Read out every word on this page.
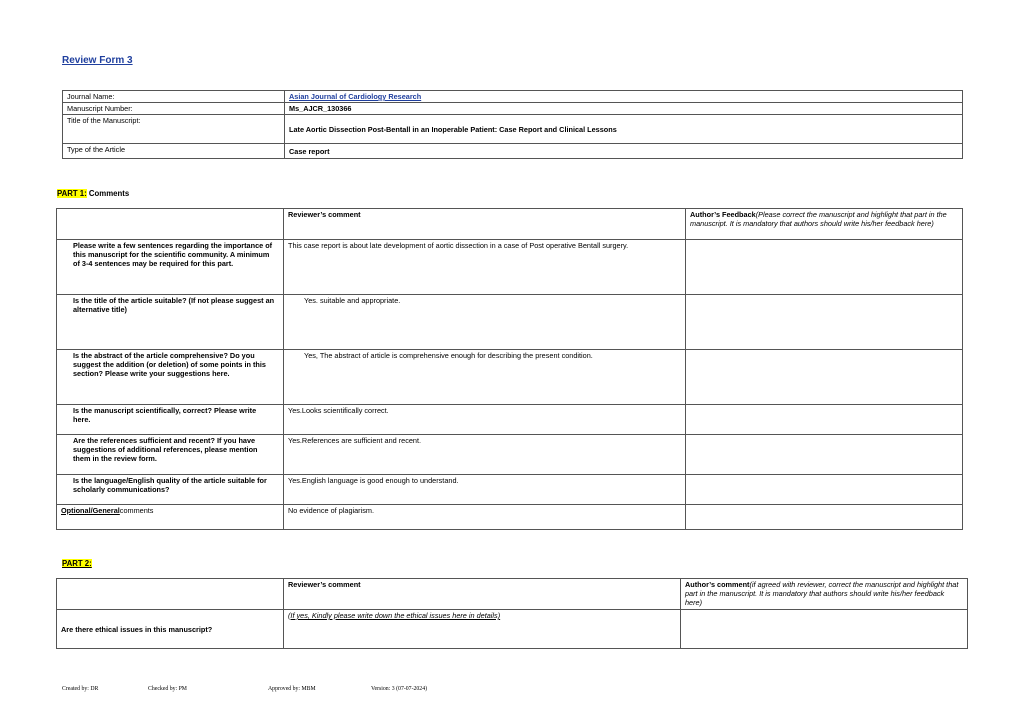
Review Form 3
Journal Name:	Asian Journal of Cardiology Research
Manuscript Number:	Ms_AJCR_130366
Title of the Manuscript:	Late Aortic Dissection Post-Bentall in an Inoperable Patient: Case Report and Clinical Lessons
Type of the Article	Case report
PART 1: Comments
	Reviewer’s comment	Author’s Feedback(Please correct the manuscript and highlight that part in the manuscript. It is mandatory that authors should write his/her feedback here)
Please write a few sentences regarding the importance of this manuscript for the scientific community. A minimum of 3-4 sentences may be required for this part.	This case report is about late development of aortic dissection in a case of Post operative Bentall surgery.	
Is the title of the article suitable? (If not please suggest an alternative title)	Yes. suitable and appropriate.	
Is the abstract of the article comprehensive? Do you suggest the addition (or deletion) of some points in this section? Please write your suggestions here.	Yes, The abstract of article is comprehensive enough for describing the present condition.	
Is the manuscript scientifically, correct? Please write here.	Yes.Looks scientifically correct.	
Are the references sufficient and recent? If you have suggestions of additional references, please mention them in the review form.	Yes.References are sufficient and recent.	
Is the language/English quality of the article suitable for scholarly communications?	Yes.English language is good enough to understand.	
Optional/Generalcomments	No evidence of plagiarism.	
PART 2:
	Reviewer’s comment	Author’s comment(if agreed with reviewer, correct the manuscript and highlight that part in the manuscript. It is mandatory that authors should write his/her feedback here)
Are there ethical issues in this manuscript?	(If yes, Kindly please write down the ethical issues here in details)	
Created by: DR	Checked by: PM	Approved by: MBM	Version: 3 (07-07-2024)
